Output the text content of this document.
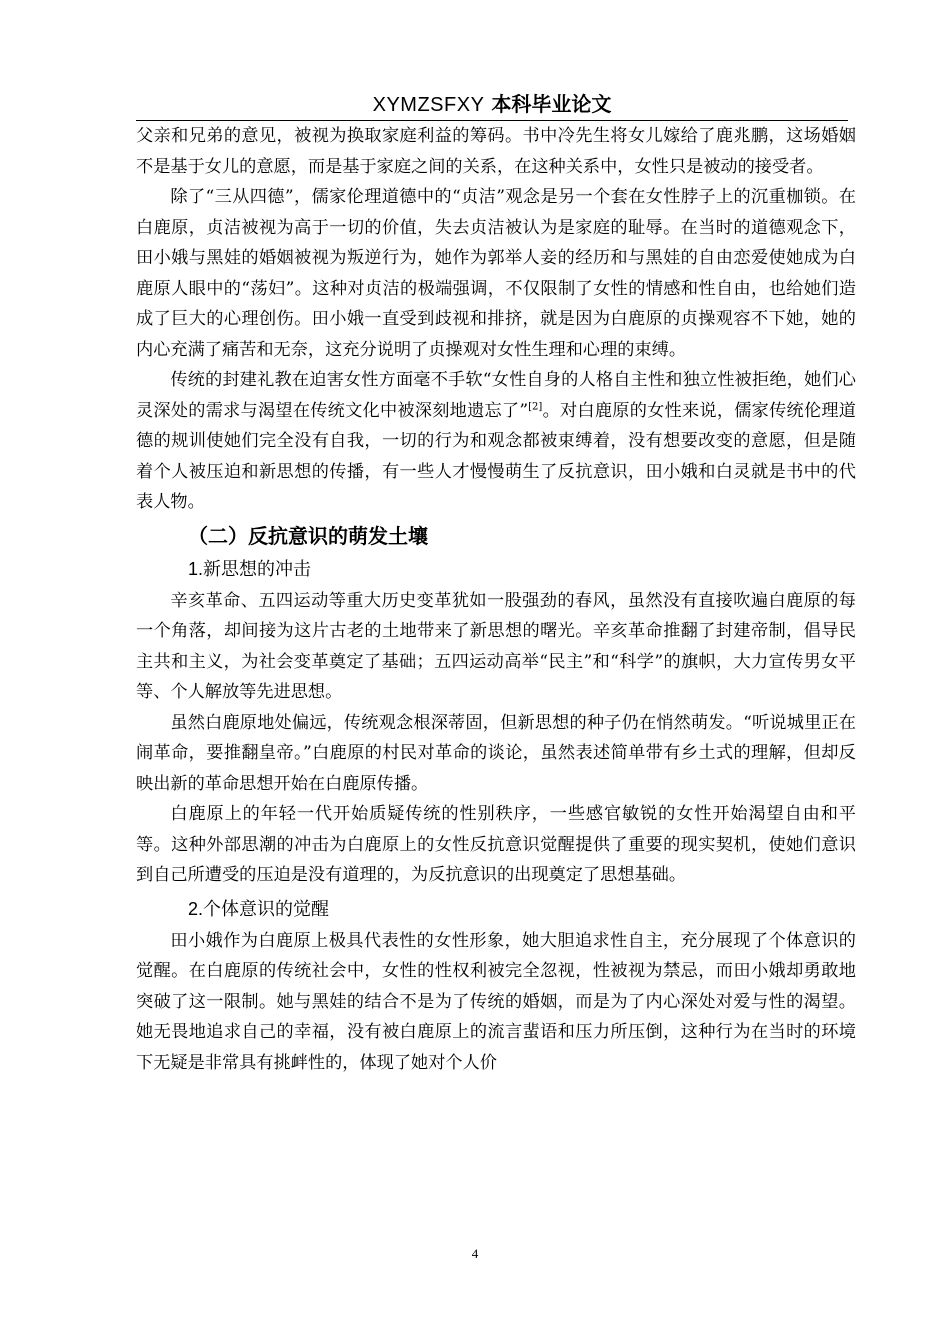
XYMZSFXY 本科毕业论文

父亲和兄弟的意见，被视为换取家庭利益的筹码。书中冷先生将女儿嫁给了鹿兆鹏，这场婚姻不是基于女儿的意愿，而是基于家庭之间的关系，在这种关系中，女性只是被动的接受者。

除了“三从四德”，儒家伦理道德中的“贞洁”观念是另一个套在女性脖子上的沉重枷锁。在白鹿原，贞洁被视为高于一切的价值，失去贞洁被认为是家庭的耻辱。在当时的道德观念下，田小娥与黑娃的婚姻被视为叛逆行为，她作为郭举人妾的经历和与黑娃的自由恋爱使她成为白鹿原人眼中的“荡妇”。这种对贞洁的极端强调，不仅限制了女性的情感和性自由，也给她们造成了巨大的心理创伤。田小娥一直受到歧视和排挤，就是因为白鹿原的贞操观容不下她，她的内心充满了痛苦和无奈，这充分说明了贞操观对女性生理和心理的束缚。

传统的封建礼教在迫害女性方面毫不手软“女性自身的人格自主性和独立性被拒绝，她们心灵深处的需求与渴望在传统文化中被深刻地遗忘了”[2]。对白鹿原的女性来说，儒家传统伦理道德的规训使她们完全没有自我，一切的行为和观念都被束缚着，没有想要改变的意愿，但是随着个人被压迫和新思想的传播，有一些人才慢慢萌生了反抗意识，田小娥和白灵就是书中的代表人物。

（二）反抗意识的萌发土壤
1.新思想的冲击

辛亥革命、五四运动等重大历史变革犹如一股强劲的春风，虽然没有直接吹遍白鹿原的每一个角落，却间接为这片古老的土地带来了新思想的曙光。辛亥革命推翻了封建帝制，倡导民主共和主义，为社会变革奠定了基础；五四运动高举“民主”和“科学”的旗帜，大力宣传男女平等、个人解放等先进思想。

虽然白鹿原地处偏远，传统观念根深蒂固，但新思想的种子仍在悄然萌发。“听说城里正在闹革命，要推翻皇帝。”白鹿原的村民对革命的谈论，虽然表述简单带有乡土式的理解，但却反映出新的革命思想开始在白鹿原传播。

白鹿原上的年轻一代开始质疑传统的性别秩序，一些感官敏锐的女性开始渴望自由和平等。这种外部思潮的冲击为白鹿原上的女性反抗意识觉醒提供了重要的现实契机，使她们意识到自己所遭受的压迫是没有道理的，为反抗意识的出现奠定了思想基础。

2.个体意识的觉醒

田小娥作为白鹿原上极具代表性的女性形象，她大胆追求性自主，充分展现了个体意识的觉醒。在白鹿原的传统社会中，女性的性权利被完全忽视，性被视为禁忌，而田小娥却勇敢地突破了这一限制。她与黑娃的结合不是为了传统的婚姻，而是为了内心深处对爱与性的渴望。她无畏地追求自己的幸福，没有被白鹿原上的流言蜚语和压力所压倒，这种行为在当时的环境下无疑是非常具有挑衅性的，体现了她对个人价

4
